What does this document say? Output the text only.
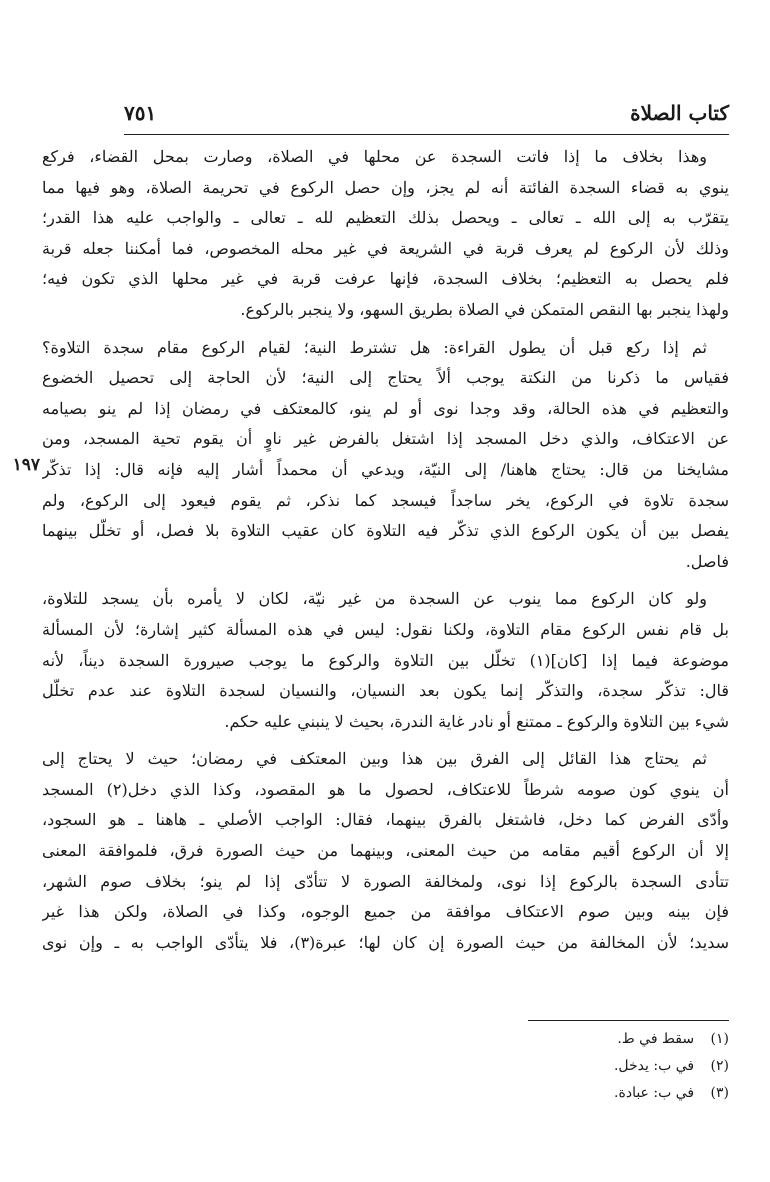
كتاب الصلاة
٧٥١
وهذا بخلاف ما إذا فاتت السجدة عن محلها في الصلاة، وصارت بمحل القضاء، فركع
ينوي به قضاء السجدة الفائتة أنه لم يجز، وإن حصل الركوع في تحريمة الصلاة، وهو فيها مما
يتقرّب به إلى الله ـ تعالى ـ ويحصل بذلك التعظيم لله ـ تعالى ـ والواجب عليه هذا القدر؛
وذلك لأن الركوع لم يعرف قربة في الشريعة في غير محله المخصوص، فما أمكننا جعله قربة
فلم يحصل به التعظيم؛ بخلاف السجدة، فإنها عرفت قربة في غير محلها الذي تكون فيه؛
ولهذا ينجبر بها النقص المتمكن في الصلاة بطريق السهو، ولا ينجبر بالركوع.
ثم إذا ركع قبل أن يطول القراءة: هل تشترط النية؛ لقيام الركوع مقام سجدة التلاوة؟
فقياس ما ذكرنا من النكتة يوجب ألاً يحتاج إلى النية؛ لأن الحاجة إلى تحصيل الخضوع
والتعظيم في هذه الحالة، وقد وجدا نوى أو لم ينو، كالمعتكف في رمضان إذا لم ينو بصيامه
عن الاعتكاف، والذي دخل المسجد إذا اشتغل بالفرض غير ناوٍ أن يقوم تحية المسجد، ومن
١٩٧ مشايخنا من قال: يحتاج هاهنا/ إلى النيّة، ويدعي أن محمداً أشار إليه فإنه قال: إذا تذكّر
سجدة تلاوة في الركوع، يخر ساجداً فيسجد كما نذكر، ثم يقوم فيعود إلى الركوع، ولم
يفصل بين أن يكون الركوع الذي تذكّر فيه التلاوة كان عقيب التلاوة بلا فصل، أو تخلّل بينهما
فاصل.
ولو كان الركوع مما ينوب عن السجدة من غير نيّة، لكان لا يأمره بأن يسجد للتلاوة،
بل قام نفس الركوع مقام التلاوة، ولكنا نقول: ليس في هذه المسألة كثير إشارة؛ لأن المسألة
موضوعة فيما إذا [كان](١) تخلّل بين التلاوة والركوع ما يوجب صيرورة السجدة ديناً، لأنه
قال: تذكّر سجدة، والتذكّر إنما يكون بعد النسيان، والنسيان لسجدة التلاوة عند عدم تخلّل
شيء بين التلاوة والركوع ـ ممتنع أو نادر غاية الندرة، بحيث لا ينبني عليه حكم.
ثم يحتاج هذا القائل إلى الفرق بين هذا وبين المعتكف في رمضان؛ حيث لا يحتاج إلى
أن ينوي كون صومه شرطاً للاعتكاف، لحصول ما هو المقصود، وكذا الذي دخل(٢) المسجد
وأدّى الفرض كما دخل، فاشتغل بالفرق بينهما، فقال: الواجب الأصلي ـ هاهنا ـ هو السجود،
إلا أن الركوع أقيم مقامه من حيث المعنى، وبينهما من حيث الصورة فرق، فلموافقة المعنى
تتأدى السجدة بالركوع إذا نوى، ولمخالفة الصورة لا تتأدّى إذا لم ينو؛ بخلاف صوم الشهر،
فإن بينه وبين صوم الاعتكاف موافقة من جميع الوجوه، وكذا في الصلاة، ولكن هذا غير
سديد؛ لأن المخالفة من حيث الصورة إن كان لها؛ عبرة(٣)، فلا يتأدّى الواجب به ـ وإن نوى
(١) سقط في ط.
(٢) في ب: يدخل.
(٣) في ب: عبادة.
